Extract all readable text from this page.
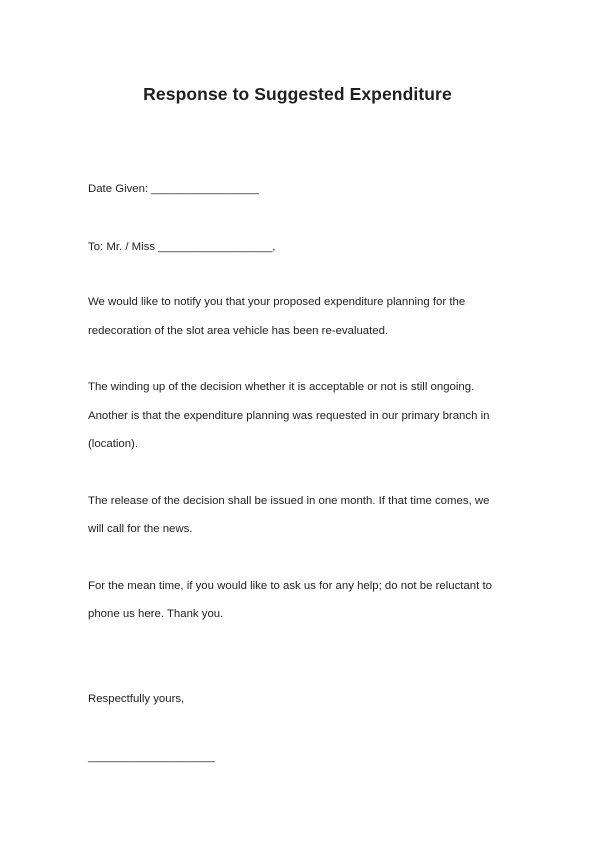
Response to Suggested Expenditure
Date Given: _________________
To: Mr. / Miss __________________,
We would like to notify you that your proposed expenditure planning for the
redecoration of the slot area vehicle has been re-evaluated.
The winding up of the decision whether it is acceptable or not is still ongoing.
Another is that the expenditure planning was requested in our primary branch in
(location).
The release of the decision shall be issued in one month. If that time comes, we
will call for the news.
For the mean time, if you would like to ask us for any help; do not be reluctant to
phone us here. Thank you.
Respectfully yours,
____________________
